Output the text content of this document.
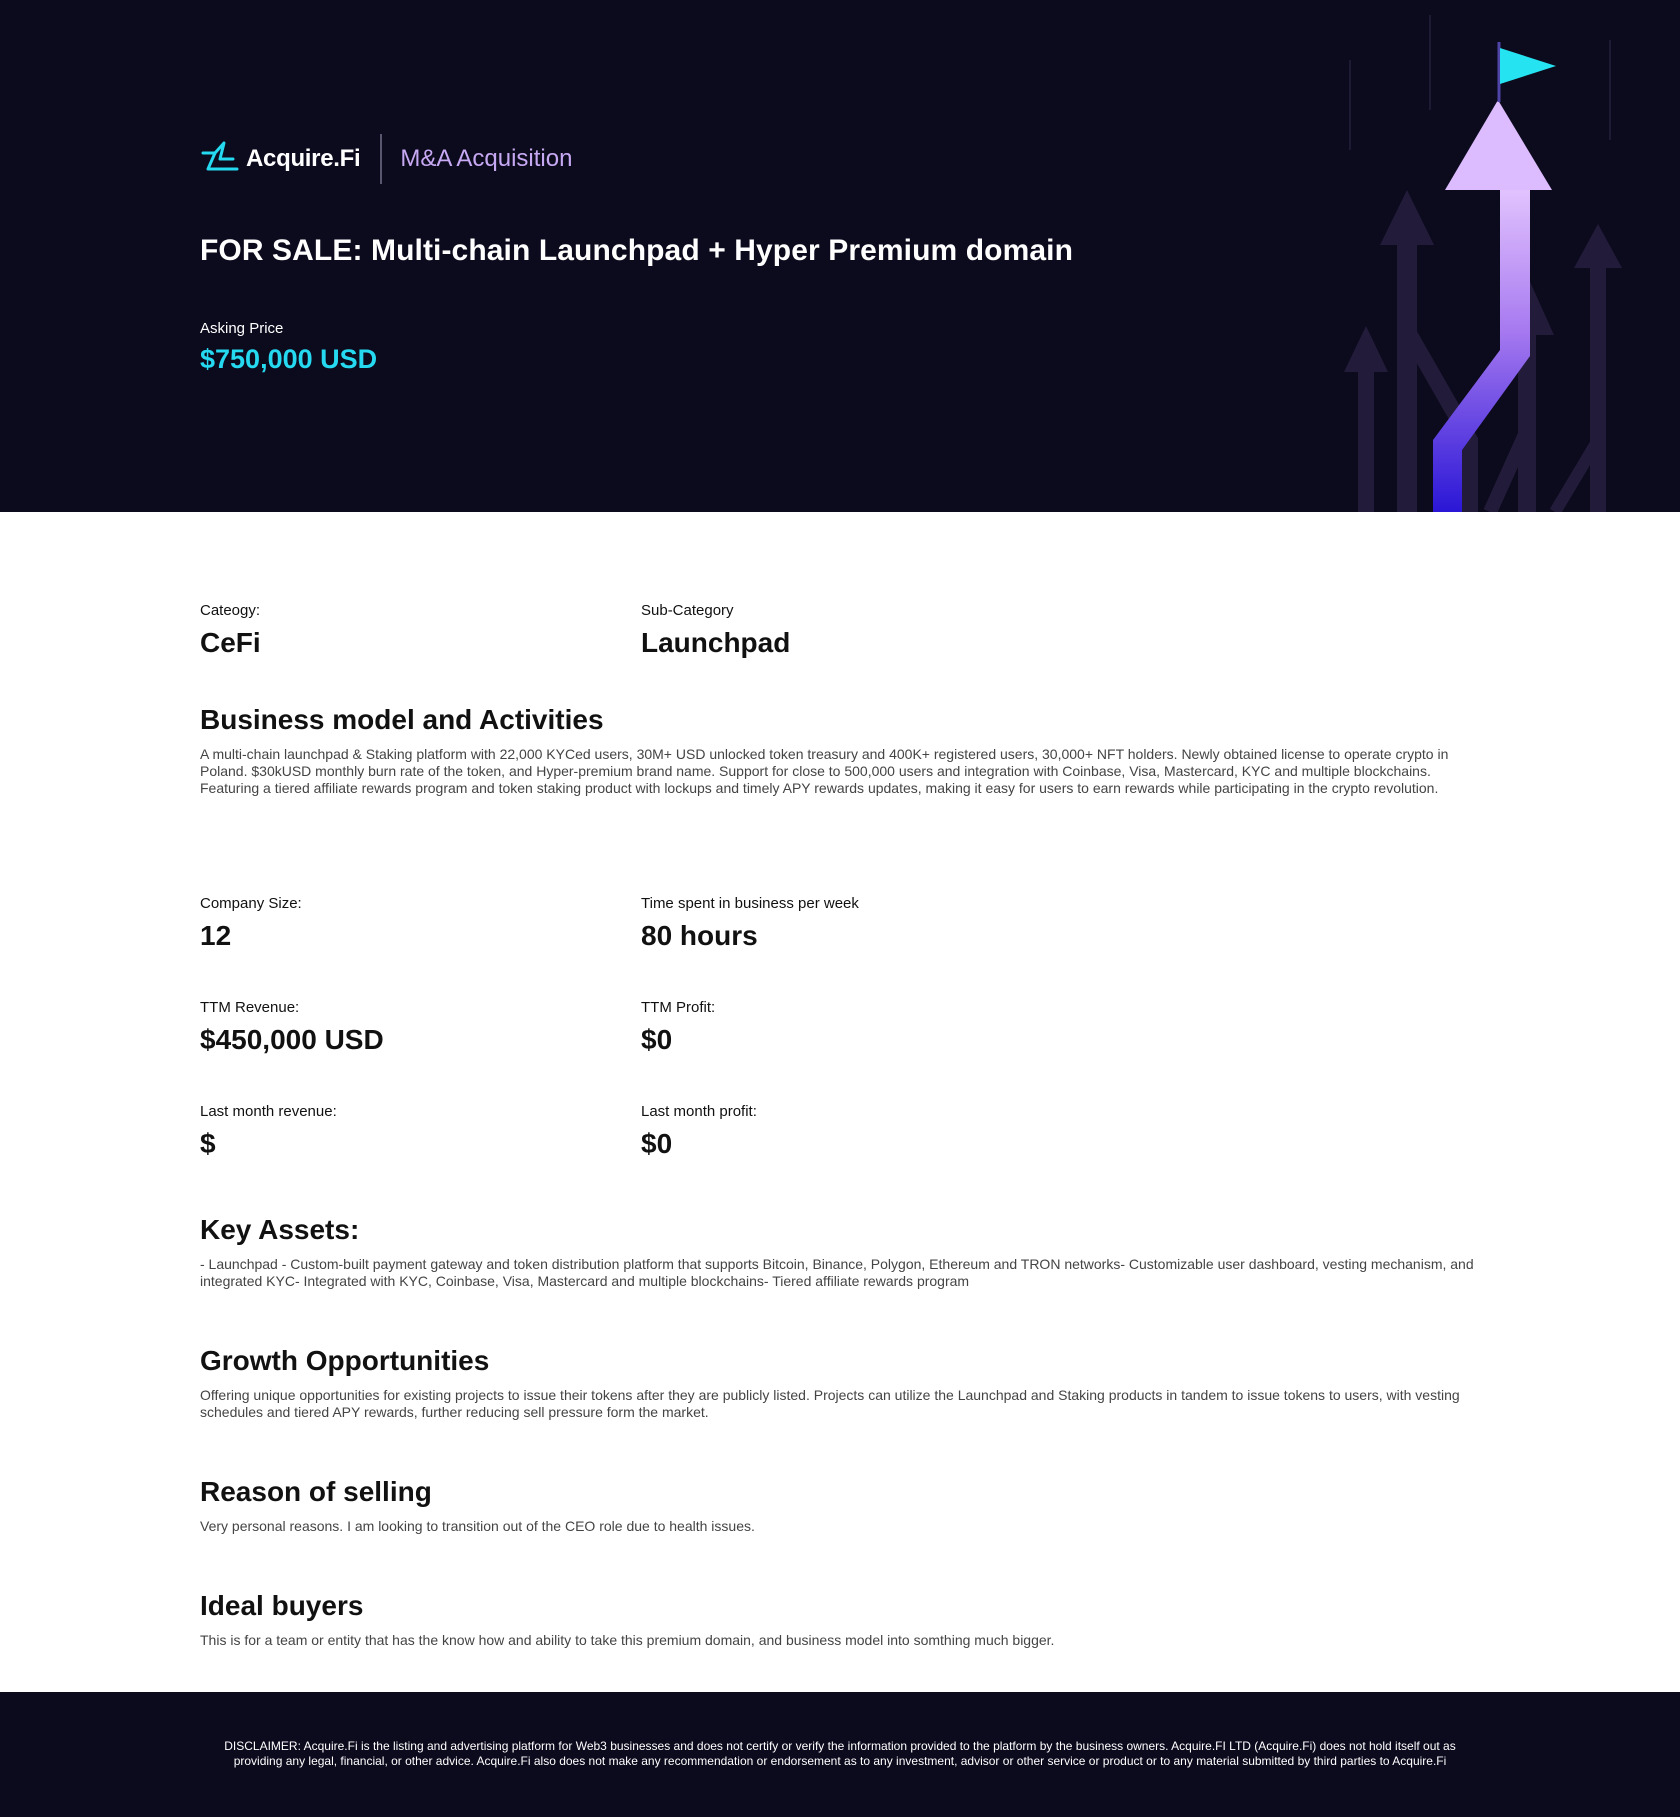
Acquire.Fi M&A Acquisition
FOR SALE: Multi-chain Launchpad + Hyper Premium domain
Asking Price
$750,000 USD
Cateogy:
CeFi
Sub-Category
Launchpad
Business model and Activities

A multi-chain launchpad & Staking platform with 22,000 KYCed users, 30M+ USD unlocked token treasury and 400K+ registered users, 30,000+ NFT holders. Newly obtained license to operate crypto in Poland. $30kUSD monthly burn rate of the token, and Hyper-premium brand name. Support for close to 500,000 users and integration with Coinbase, Visa, Mastercard, KYC and multiple blockchains. Featuring a tiered affiliate rewards program and token staking product with lockups and timely APY rewards updates, making it easy for users to earn rewards while participating in the crypto revolution.

Company Size:
12
Time spent in business per week
80 hours
TTM Revenue:
$450,000 USD
TTM Profit:
$0
Last month revenue:
$
Last month profit:
$0
Key Assets:

- Launchpad - Custom-built payment gateway and token distribution platform that supports Bitcoin, Binance, Polygon, Ethereum and TRON networks- Customizable user dashboard, vesting mechanism, and integrated KYC- Integrated with KYC, Coinbase, Visa, Mastercard and multiple blockchains- Tiered affiliate rewards program

Growth Opportunities

Offering unique opportunities for existing projects to issue their tokens after they are publicly listed. Projects can utilize the Launchpad and Staking products in tandem to issue tokens to users, with vesting schedules and tiered APY rewards, further reducing sell pressure form the market.

Reason of selling

Very personal reasons. I am looking to transition out of the CEO role due to health issues.

Ideal buyers

This is for a team or entity that has the know how and ability to take this premium domain, and business model into somthing much bigger.

DISCLAIMER: Acquire.Fi is the listing and advertising platform for Web3 businesses and does not certify or verify the information provided to the platform by the business owners. Acquire.FI LTD (Acquire.Fi) does not hold itself out as providing any legal, financial, or other advice. Acquire.Fi also does not make any recommendation or endorsement as to any investment, advisor or other service or product or to any material submitted by third parties to Acquire.Fi
